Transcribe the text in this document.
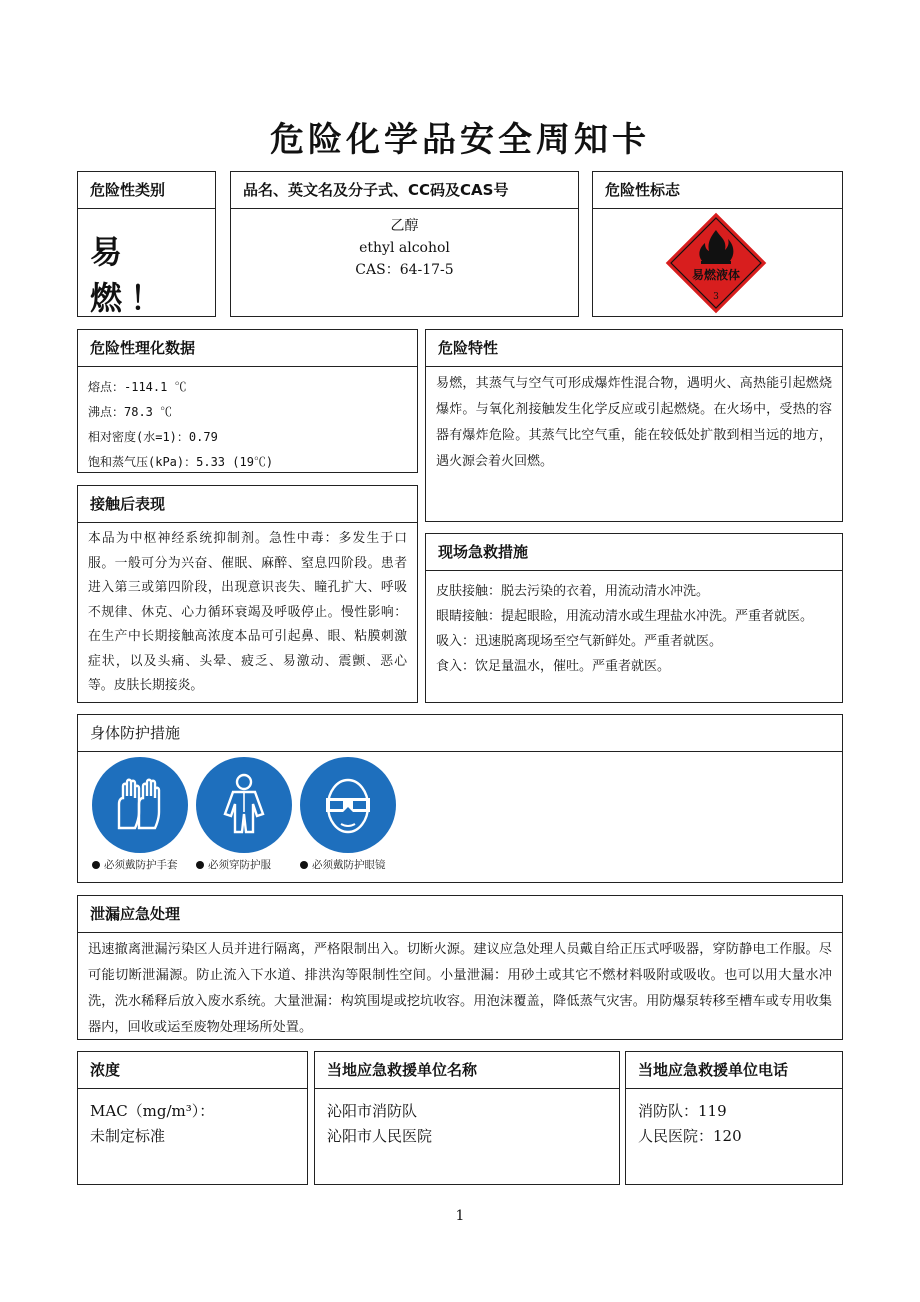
危险化学品安全周知卡
危险性类别
易 燃！
品名、英文名及分子式、CC码及CAS号
乙醇
ethyl alcohol
CAS：64-17-5
危险性标志
易燃液体
3
危险性理化数据

熔点：-114.1 ℃

沸点：78.3 ℃

相对密度(水=1)：0.79

饱和蒸气压(kPa)：5.33 (19℃)

危险特性
易燃，其蒸气与空气可形成爆炸性混合物，遇明火、高热能引起燃烧爆炸。与氧化剂接触发生化学反应或引起燃烧。在火场中，受热的容器有爆炸危险。其蒸气比空气重，能在较低处扩散到相当远的地方，遇火源会着火回燃。
接触后表现
本品为中枢神经系统抑制剂。急性中毒：多发生于口服。一般可分为兴奋、催眠、麻醉、窒息四阶段。患者进入第三或第四阶段，出现意识丧失、瞳孔扩大、呼吸不规律、休克、心力循环衰竭及呼吸停止。慢性影响：在生产中长期接触高浓度本品可引起鼻、眼、粘膜刺激症状，以及头痛、头晕、疲乏、易激动、震颤、恶心等。皮肤长期接炎。
现场急救措施

皮肤接触：脱去污染的衣着，用流动清水冲洗。

眼睛接触：提起眼睑，用流动清水或生理盐水冲洗。严重者就医。

吸入：迅速脱离现场至空气新鲜处。严重者就医。

食入：饮足量温水，催吐。严重者就医。

身体防护措施
必须戴防护手套	必须穿防护服	必须戴防护眼镜
泄漏应急处理
迅速撤离泄漏污染区人员并进行隔离，严格限制出入。切断火源。建议应急处理人员戴自给正压式呼吸器，穿防静电工作服。尽可能切断泄漏源。防止流入下水道、排洪沟等限制性空间。小量泄漏：用砂土或其它不燃材料吸附或吸收。也可以用大量水冲洗，洗水稀释后放入废水系统。大量泄漏：构筑围堤或挖坑收容。用泡沫覆盖，降低蒸气灾害。用防爆泵转移至槽车或专用收集器内，回收或运至废物处理场所处置。
浓度
MAC（mg/m³）：
未制定标准
当地应急救援单位名称
沁阳市消防队
沁阳市人民医院
当地应急救援单位电话
消防队：119
人民医院：120
1
